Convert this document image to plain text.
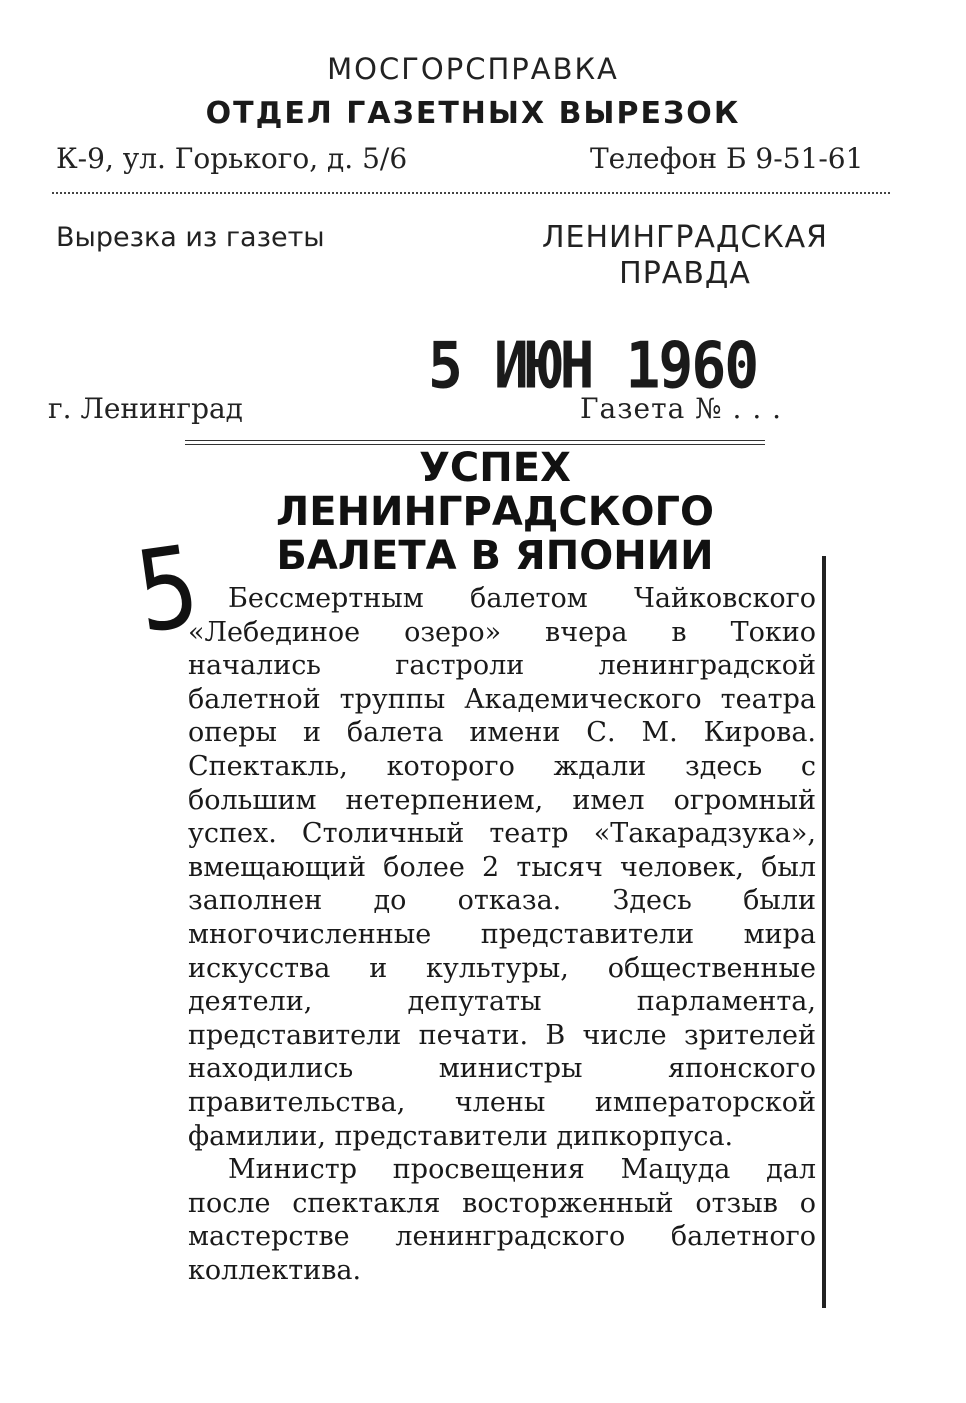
МОСГОРСПРАВКА
ОТДЕЛ ГАЗЕТНЫХ ВЫРЕЗОК
К-9, ул. Горького, д. 5/6	Телефон Б 9-51-61
Вырезка из газеты	ЛЕНИНГРАДСКАЯ
ПРАВДА
5 ИЮН 1960
г. Ленинград	Газета № . . .
5
УСПЕХ
ЛЕНИНГРАДСКОГО
БАЛЕТА В ЯПОНИИ

Бессмертным балетом Чайковского «Лебединое озеро» вчера в Токио начались гастроли ленинградской балетной труппы Академического театра оперы и балета имени С. М. Кирова. Спектакль, которого ждали здесь с большим нетерпением, имел огромный успех. Столичный театр «Такарадзука», вмещающий более 2 тысяч человек, был заполнен до отказа. Здесь были многочисленные представители мира искусства и культуры, общественные деятели, депутаты парламента, представители печати. В числе зрителей находились министры японского правительства, члены императорской фамилии, представители дипкорпуса.

Министр просвещения Мацуда дал после спектакля восторженный отзыв о мастерстве ленинградского балетного коллектива.
